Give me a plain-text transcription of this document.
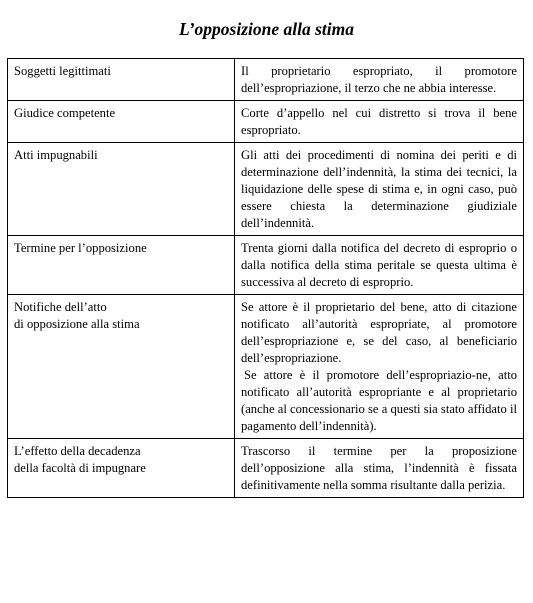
L’opposizione alla stima
Soggetti legittimati	Il proprietario espropriato, il promotore dell’espropriazione, il terzo che ne abbia interesse.

Giudice competente	Corte d’appello nel cui distretto si trova il bene espropriato.

Atti impugnabili	Gli atti dei procedimenti di nomina dei periti e di determinazione dell’indennità, la stima dei tecnici, la liquidazione delle spese di stima e, in ogni caso, può essere chiesta la determinazione giudiziale dell’indennità.

Termine per l’opposizione	Trenta giorni dalla notifica del decreto di esproprio o dalla notifica della stima peritale se questa ultima è successiva al decreto di esproprio.

Notifiche dell’atto
di opposizione alla stima	Se attore è il proprietario del bene, atto di citazione notificato all’autorità espropriate, al promotore dell’espropriazione e, se del caso, al beneficiario dell’espropriazione.
Se attore è il promotore dell’espropriazio-ne, atto notificato all’autorità espropriante e al proprietario (anche al concessionario se a questi sia stato affidato il pagamento dell’indennità).

L’effetto della decadenza
della facoltà di impugnare	Trascorso il termine per la proposizione dell’opposizione alla stima, l’indennità è fissata definitivamente nella somma risultante dalla perizia.
